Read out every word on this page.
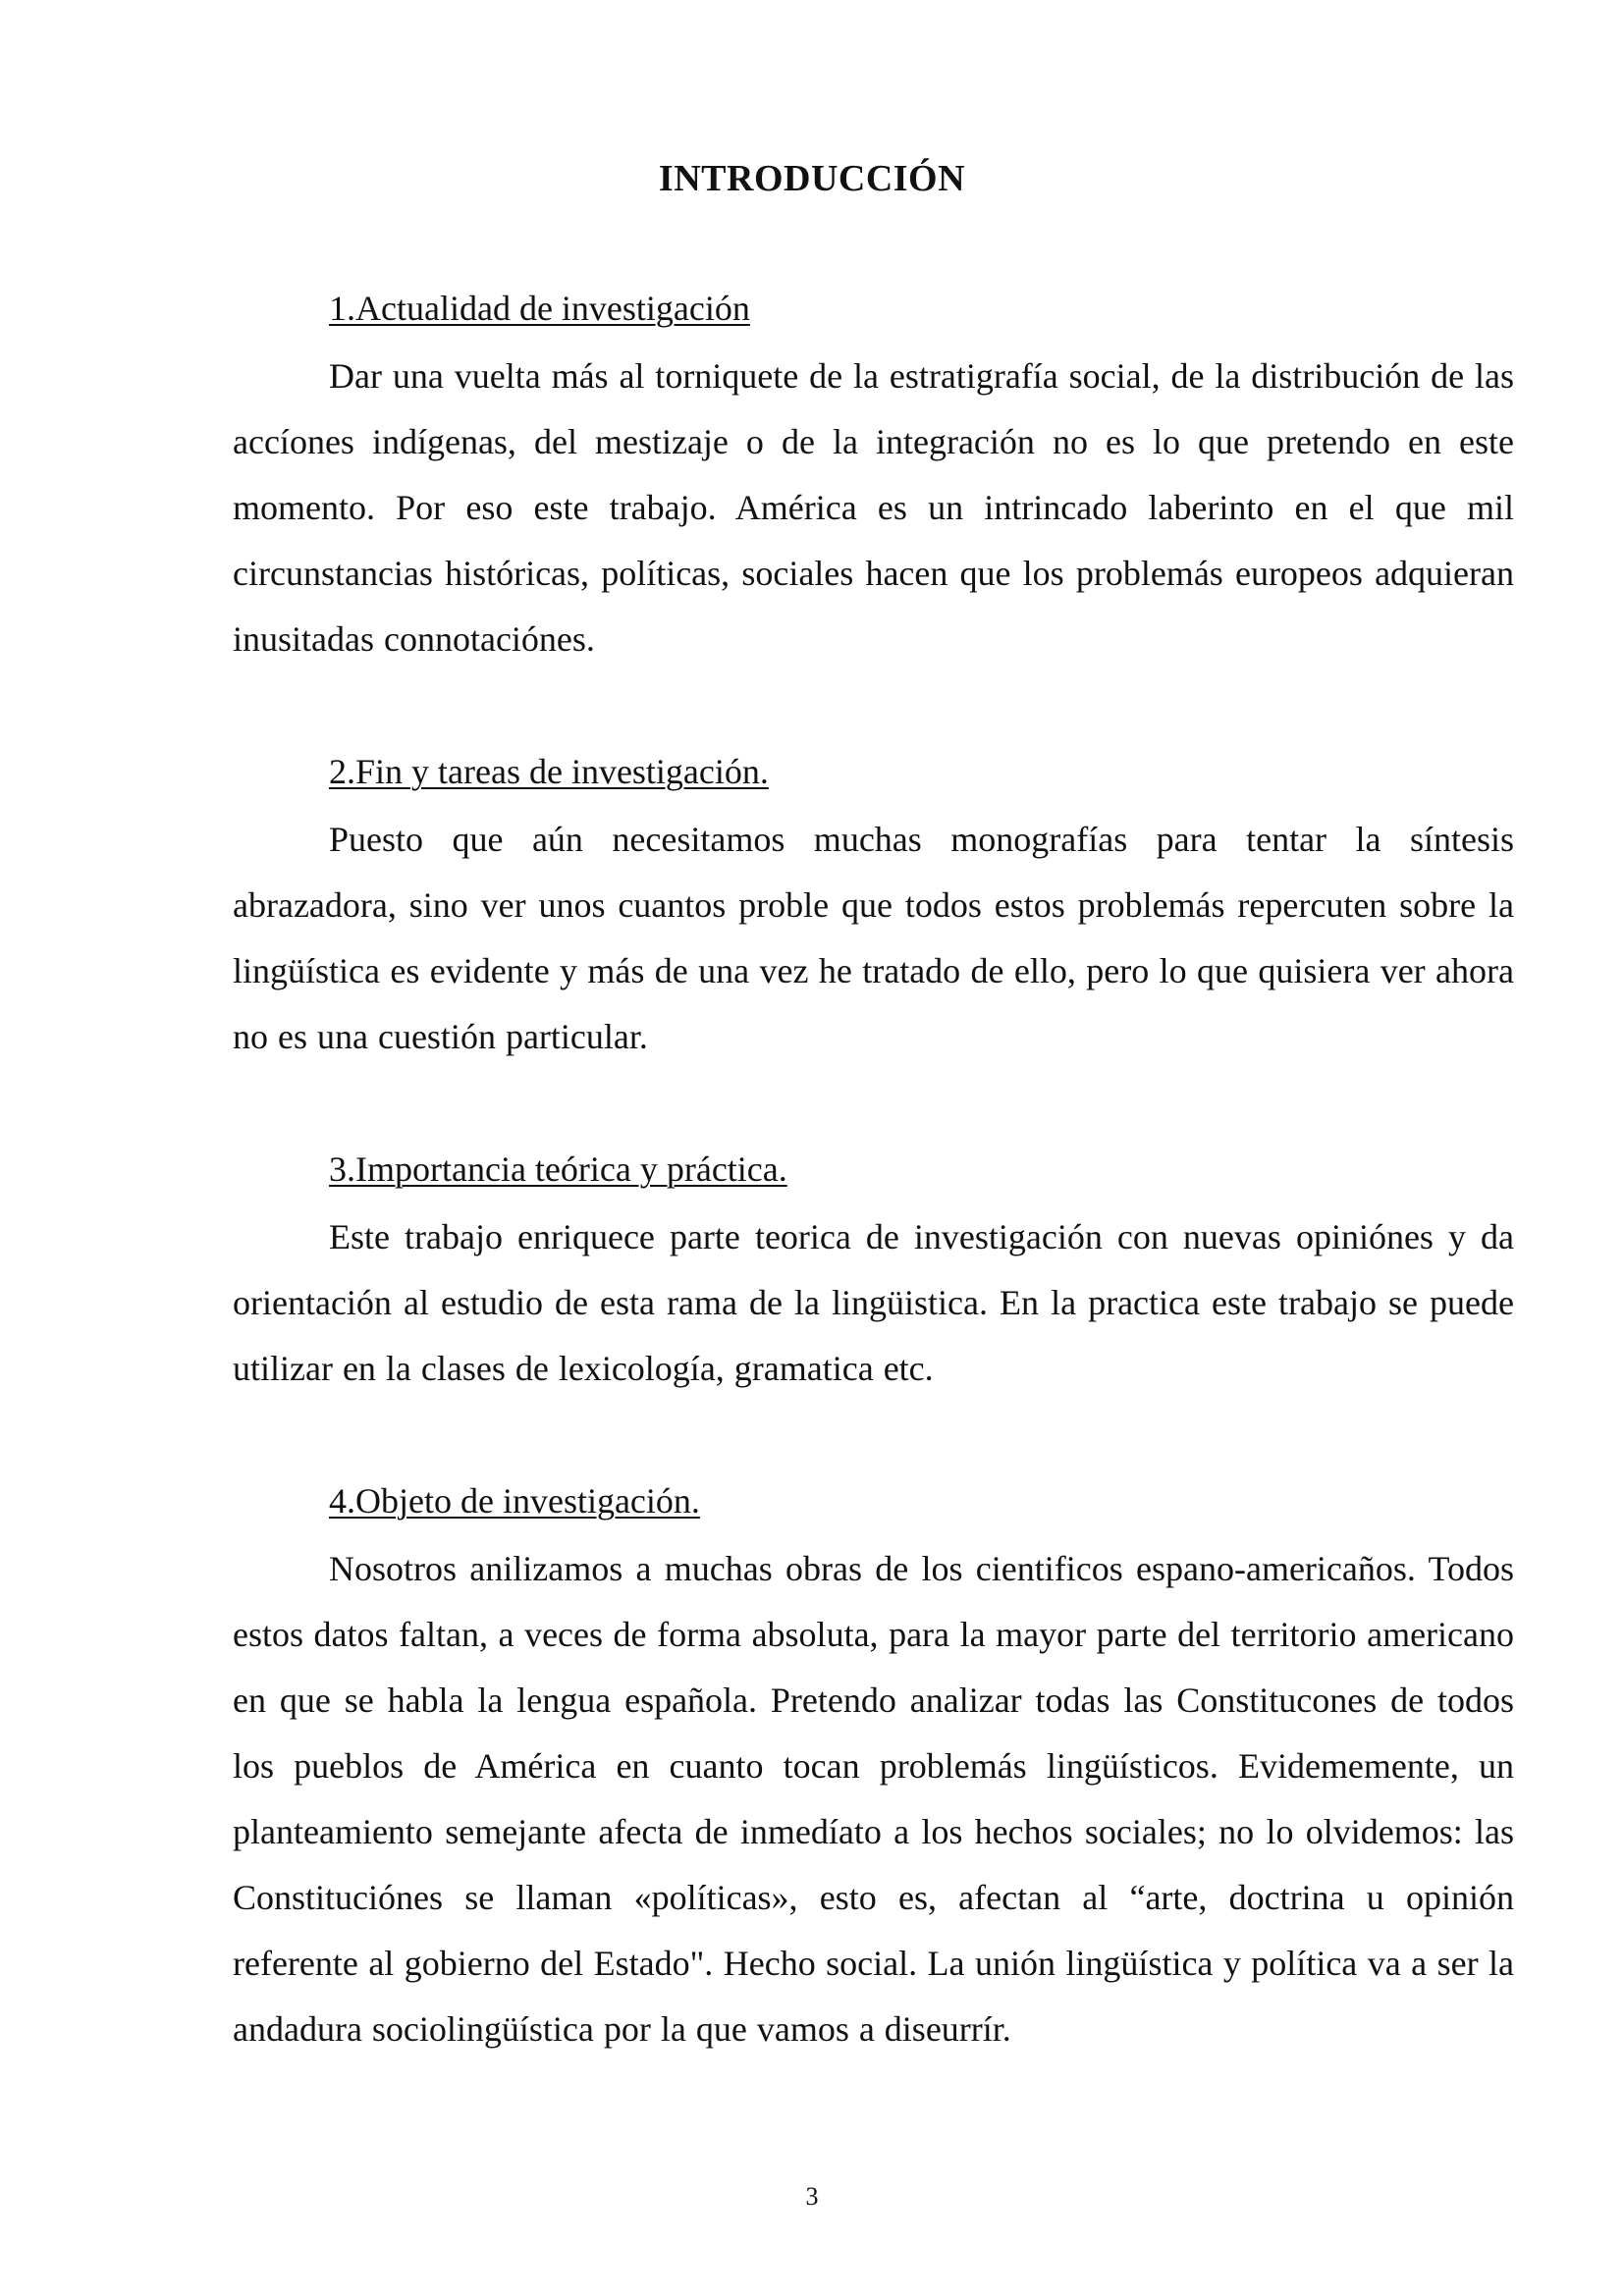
INTRODUCCIÓN

1.Actualidad de investigación

Dar una vuelta más al torniquete de la estratigrafía social, de la distribución de las accíones indígenas, del mestizaje o de la integración no es lo que pretendo en este momento. Por eso este trabajo. América es un intrincado laberinto en el que mil circunstancias históricas, políticas, sociales hacen que los problemás europeos adquieran inusitadas connotaciónes.

2.Fin y tareas de investigación.

Puesto que aún necesitamos muchas monografías para tentar la síntesis abrazadora, sino ver unos cuantos proble que todos estos problemás repercuten sobre la lingüística es evidente y más de una vez he tratado de ello, pero lo que quisiera ver ahora no es una cuestión particular.

3.Importancia teórica y práctica.

Este trabajo enriquece parte teorica de investigación con nuevas opiniónes y da orientación al estudio de esta rama de la lingüistica. En la practica este trabajo se puede utilizar en la clases de lexicología, gramatica etc.

4.Objeto de investigación.

Nosotros anilizamos a muchas obras de los cientificos espano-americaños. Todos estos datos faltan, a veces de forma absoluta, para la mayor parte del territorio americano en que se habla la lengua española. Pretendo analizar todas las Constitucones de todos los pueblos de América en cuanto tocan problemás lingüísticos. Evidememente, un planteamiento semejante afecta de inmedíato a los hechos sociales; no lo olvidemos: las Constituciónes se llaman «políticas», esto es, afectan al “arte, doctrina u opinión referente al gobierno del Estado". Hecho social. La unión lingüística y política va a ser la andadura sociolingüística por la que vamos a diseurrír.

3
